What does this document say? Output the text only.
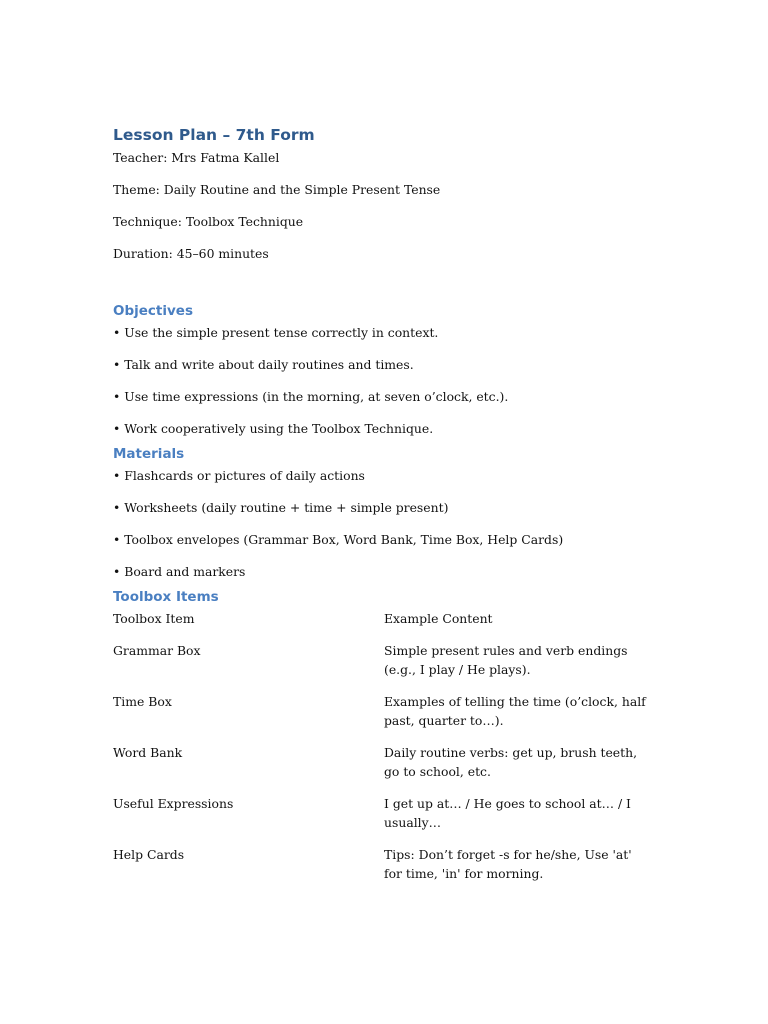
Lesson Plan – 7th Form

Teacher: Mrs Fatma Kallel

Theme: Daily Routine and the Simple Present Tense

Technique: Toolbox Technique

Duration: 45–60 minutes

Objectives

• Use the simple present tense correctly in context.

• Talk and write about daily routines and times.

• Use time expressions (in the morning, at seven o’clock, etc.).

• Work cooperatively using the Toolbox Technique.

Materials

• Flashcards or pictures of daily actions

• Worksheets (daily routine + time + simple present)

• Toolbox envelopes (Grammar Box, Word Bank, Time Box, Help Cards)

• Board and markers

Toolbox Items
Toolbox Item	Example Content
Grammar Box	Simple present rules and verb endings (e.g., I play / He plays).
Time Box	Examples of telling the time (o’clock, half past, quarter to…).
Word Bank	Daily routine verbs: get up, brush teeth, go to school, etc.
Useful Expressions	I get up at… / He goes to school at… / I usually…
Help Cards	Tips: Don’t forget -s for he/she, Use 'at' for time, 'in' for morning.
